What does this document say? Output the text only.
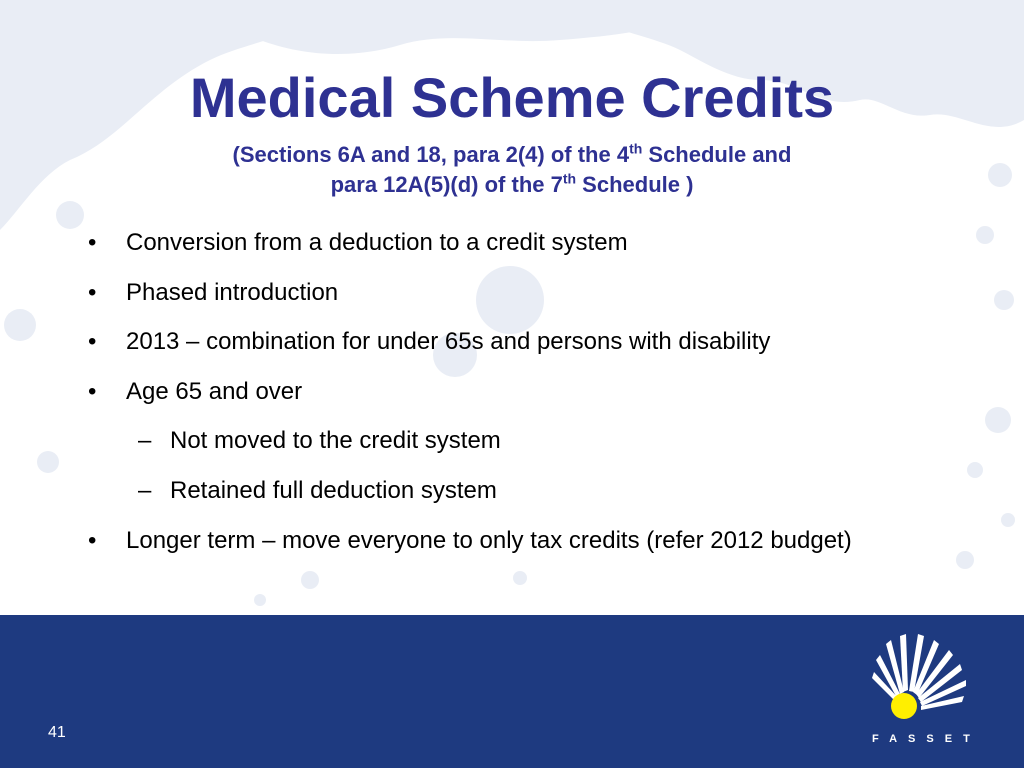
Medical Scheme Credits

(Sections 6A and 18, para 2(4) of the 4th Schedule and
para 12A(5)(d) of the 7th Schedule )

• Conversion from a deduction to a credit system
• Phased introduction
• 2013 – combination for under 65s and persons with disability
• Age 65 and over
– Not moved to the credit system
– Retained full deduction system
• Longer term – move everyone to only tax credits (refer 2012 budget)
41	FASSET
